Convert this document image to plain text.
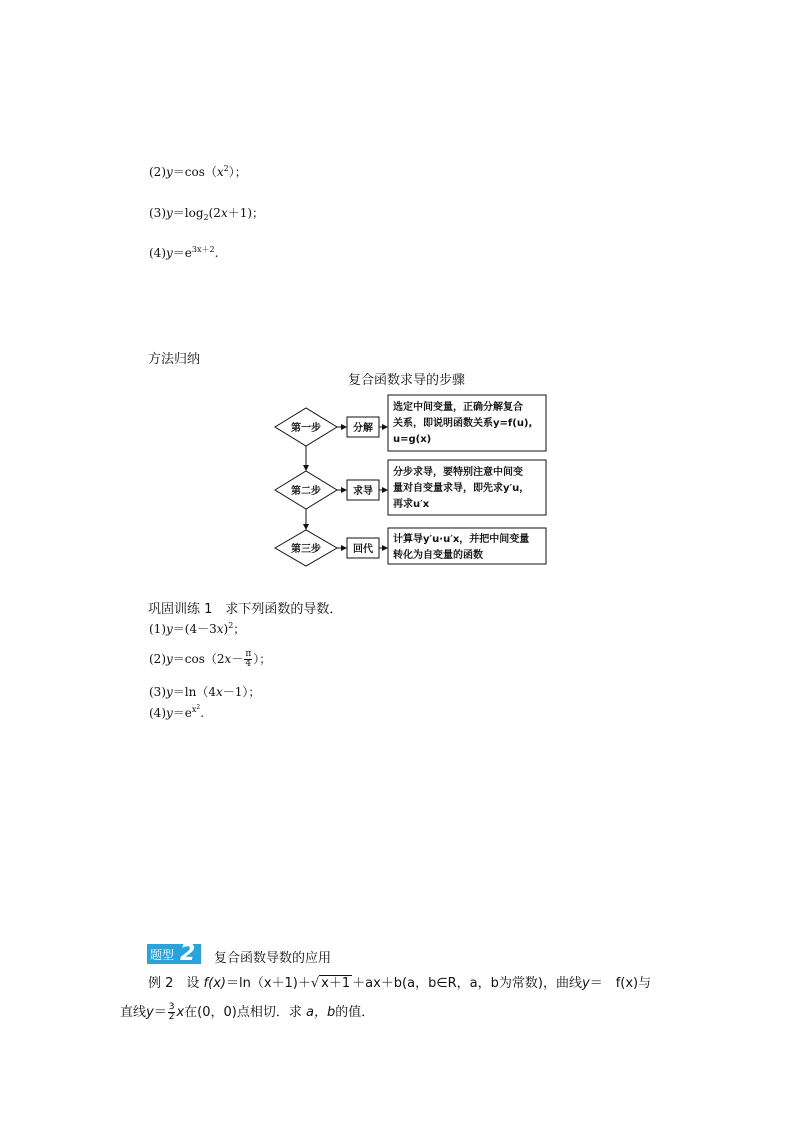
$(2)y=\cos(x^2)$；
$(3)y=\log_2(2x+1)$；
$(4)y=e^{3x+2}$.
方法归纳
复合函数求导的步骤
第一步	分解
选定中间变量，正确分解复合
关系，即说明函数关系y=f(u),
u=g(x)
第二步	求导
分步求导，要特别注意中间变
量对自变量求导，即先求y′u，
再求u′x
第三步	回代
计算导y′u·u′x，并把中间变量
转化为自变量的函数
巩固训练 1　求下列函数的导数．
$(1)y=(4-3x)^2$；
$(2)y=\cos(2x- \frac{\pi}{4}$ ）；
(3)y＝ln（4x－1）；
$(4)y=e^{x^2}$.
题型 2 复合函数导数的应用
例 2　设 f(x)＝ln（x＋1)＋√ x＋1 ＋ax＋b(a，b∈R，a，b为常数)，曲线y＝　f(x)与
直线$y= \frac{3}{2}$ x在(0，0)点相切．求 a，b的值．
